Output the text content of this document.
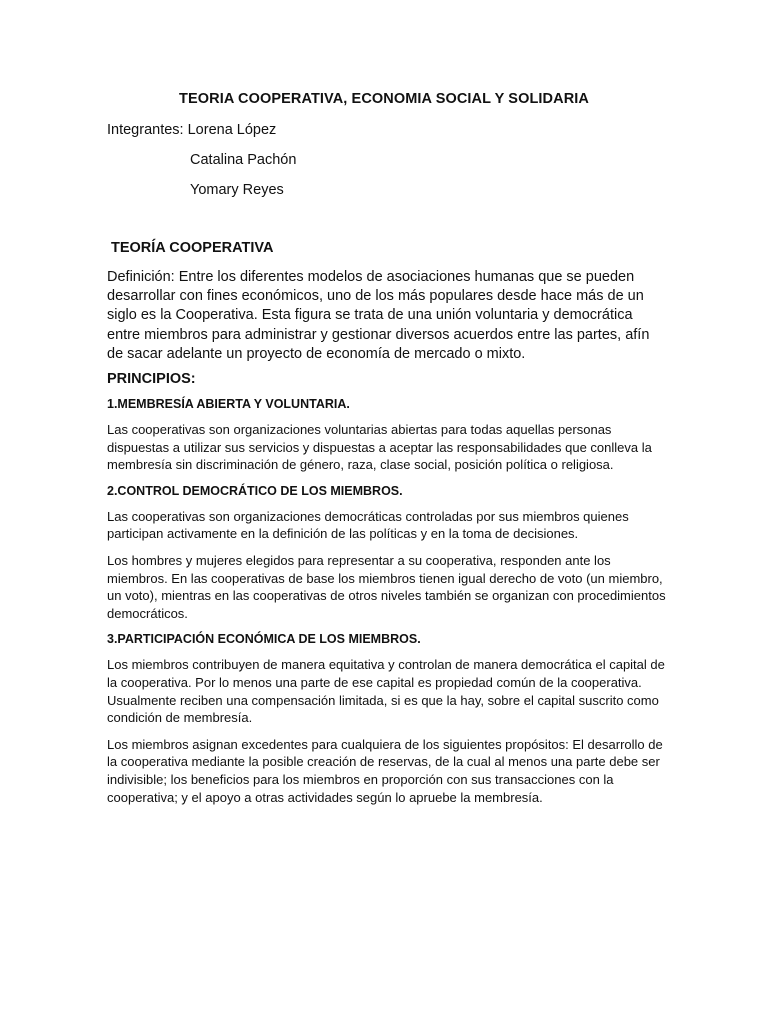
TEORIA COOPERATIVA, ECONOMIA SOCIAL Y SOLIDARIA
Integrantes: Lorena López
Catalina Pachón
Yomary Reyes
TEORÍA COOPERATIVA

Definición: Entre los diferentes modelos de asociaciones humanas que se pueden desarrollar con fines económicos, uno de los más populares desde hace más de un siglo es la Cooperativa. Esta figura se trata de una unión voluntaria y democrática entre miembros para administrar y gestionar diversos acuerdos entre las partes, afín de sacar adelante un proyecto de economía de mercado o mixto.

PRINCIPIOS:
1.MEMBRESÍA ABIERTA Y VOLUNTARIA.

Las cooperativas son organizaciones voluntarias abiertas para todas aquellas personas dispuestas a utilizar sus servicios y dispuestas a aceptar las responsabilidades que conlleva la membresía sin discriminación de género, raza, clase social, posición política o religiosa.

2.CONTROL DEMOCRÁTICO DE LOS MIEMBROS.

Las cooperativas son organizaciones democráticas controladas por sus miembros quienes participan activamente en la definición de las políticas y en la toma de decisiones.

Los hombres y mujeres elegidos para representar a su cooperativa, responden ante los miembros. En las cooperativas de base los miembros tienen igual derecho de voto (un miembro, un voto), mientras en las cooperativas de otros niveles también se organizan con procedimientos democráticos.

3.PARTICIPACIÓN ECONÓMICA DE LOS MIEMBROS.

Los miembros contribuyen de manera equitativa y controlan de manera democrática el capital de la cooperativa. Por lo menos una parte de ese capital es propiedad común de la cooperativa. Usualmente reciben una compensación limitada, si es que la hay, sobre el capital suscrito como condición de membresía.

Los miembros asignan excedentes para cualquiera de los siguientes propósitos: El desarrollo de la cooperativa mediante la posible creación de reservas, de la cual al menos una parte debe ser indivisible; los beneficios para los miembros en proporción con sus transacciones con la cooperativa; y el apoyo a otras actividades según lo apruebe la membresía.
